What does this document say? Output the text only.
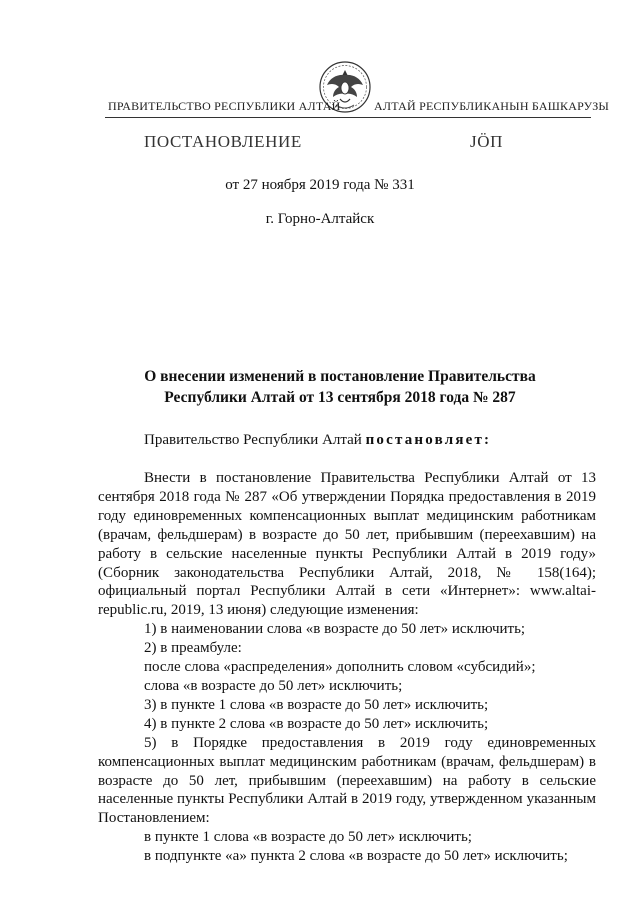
ПРАВИТЕЛЬСТВО РЕСПУБЛИКИ АЛТАЙ	АЛТАЙ РЕСПУБЛИКАНЫН БАШКАРУЗЫ
ПОСТАНОВЛЕНИЕ	ЈӦП
от 27 ноября 2019 года № 331
г. Горно-Алтайск
О внесении изменений в постановление Правительства Республики Алтай от 13 сентября 2018 года № 287
Правительство Республики Алтай постановляет:

Внести в постановление Правительства Республики Алтай от 13 сентября 2018 года № 287 «Об утверждении Порядка предоставления в 2019 году единовременных компенсационных выплат медицинским работникам (врачам, фельдшерам) в возрасте до 50 лет, прибывшим (переехавшим) на работу в сельские населенные пункты Республики Алтай в 2019 году» (Сборник законодательства Республики Алтай, 2018, № 158(164); официальный портал Республики Алтай в сети «Интернет»: www.altai-republic.ru, 2019, 13 июня) следующие изменения:

1) в наименовании слова «в возрасте до 50 лет» исключить;

2) в преамбуле:

после слова «распределения» дополнить словом «субсидий»;

слова «в возрасте до 50 лет» исключить;

3) в пункте 1 слова «в возрасте до 50 лет» исключить;

4) в пункте 2 слова «в возрасте до 50 лет» исключить;

5) в Порядке предоставления в 2019 году единовременных компенсационных выплат медицинским работникам (врачам, фельдшерам) в возрасте до 50 лет, прибывшим (переехавшим) на работу в сельские населенные пункты Республики Алтай в 2019 году, утвержденном указанным Постановлением:

в пункте 1 слова «в возрасте до 50 лет» исключить;

в подпункте «а» пункта 2 слова «в возрасте до 50 лет» исключить;
